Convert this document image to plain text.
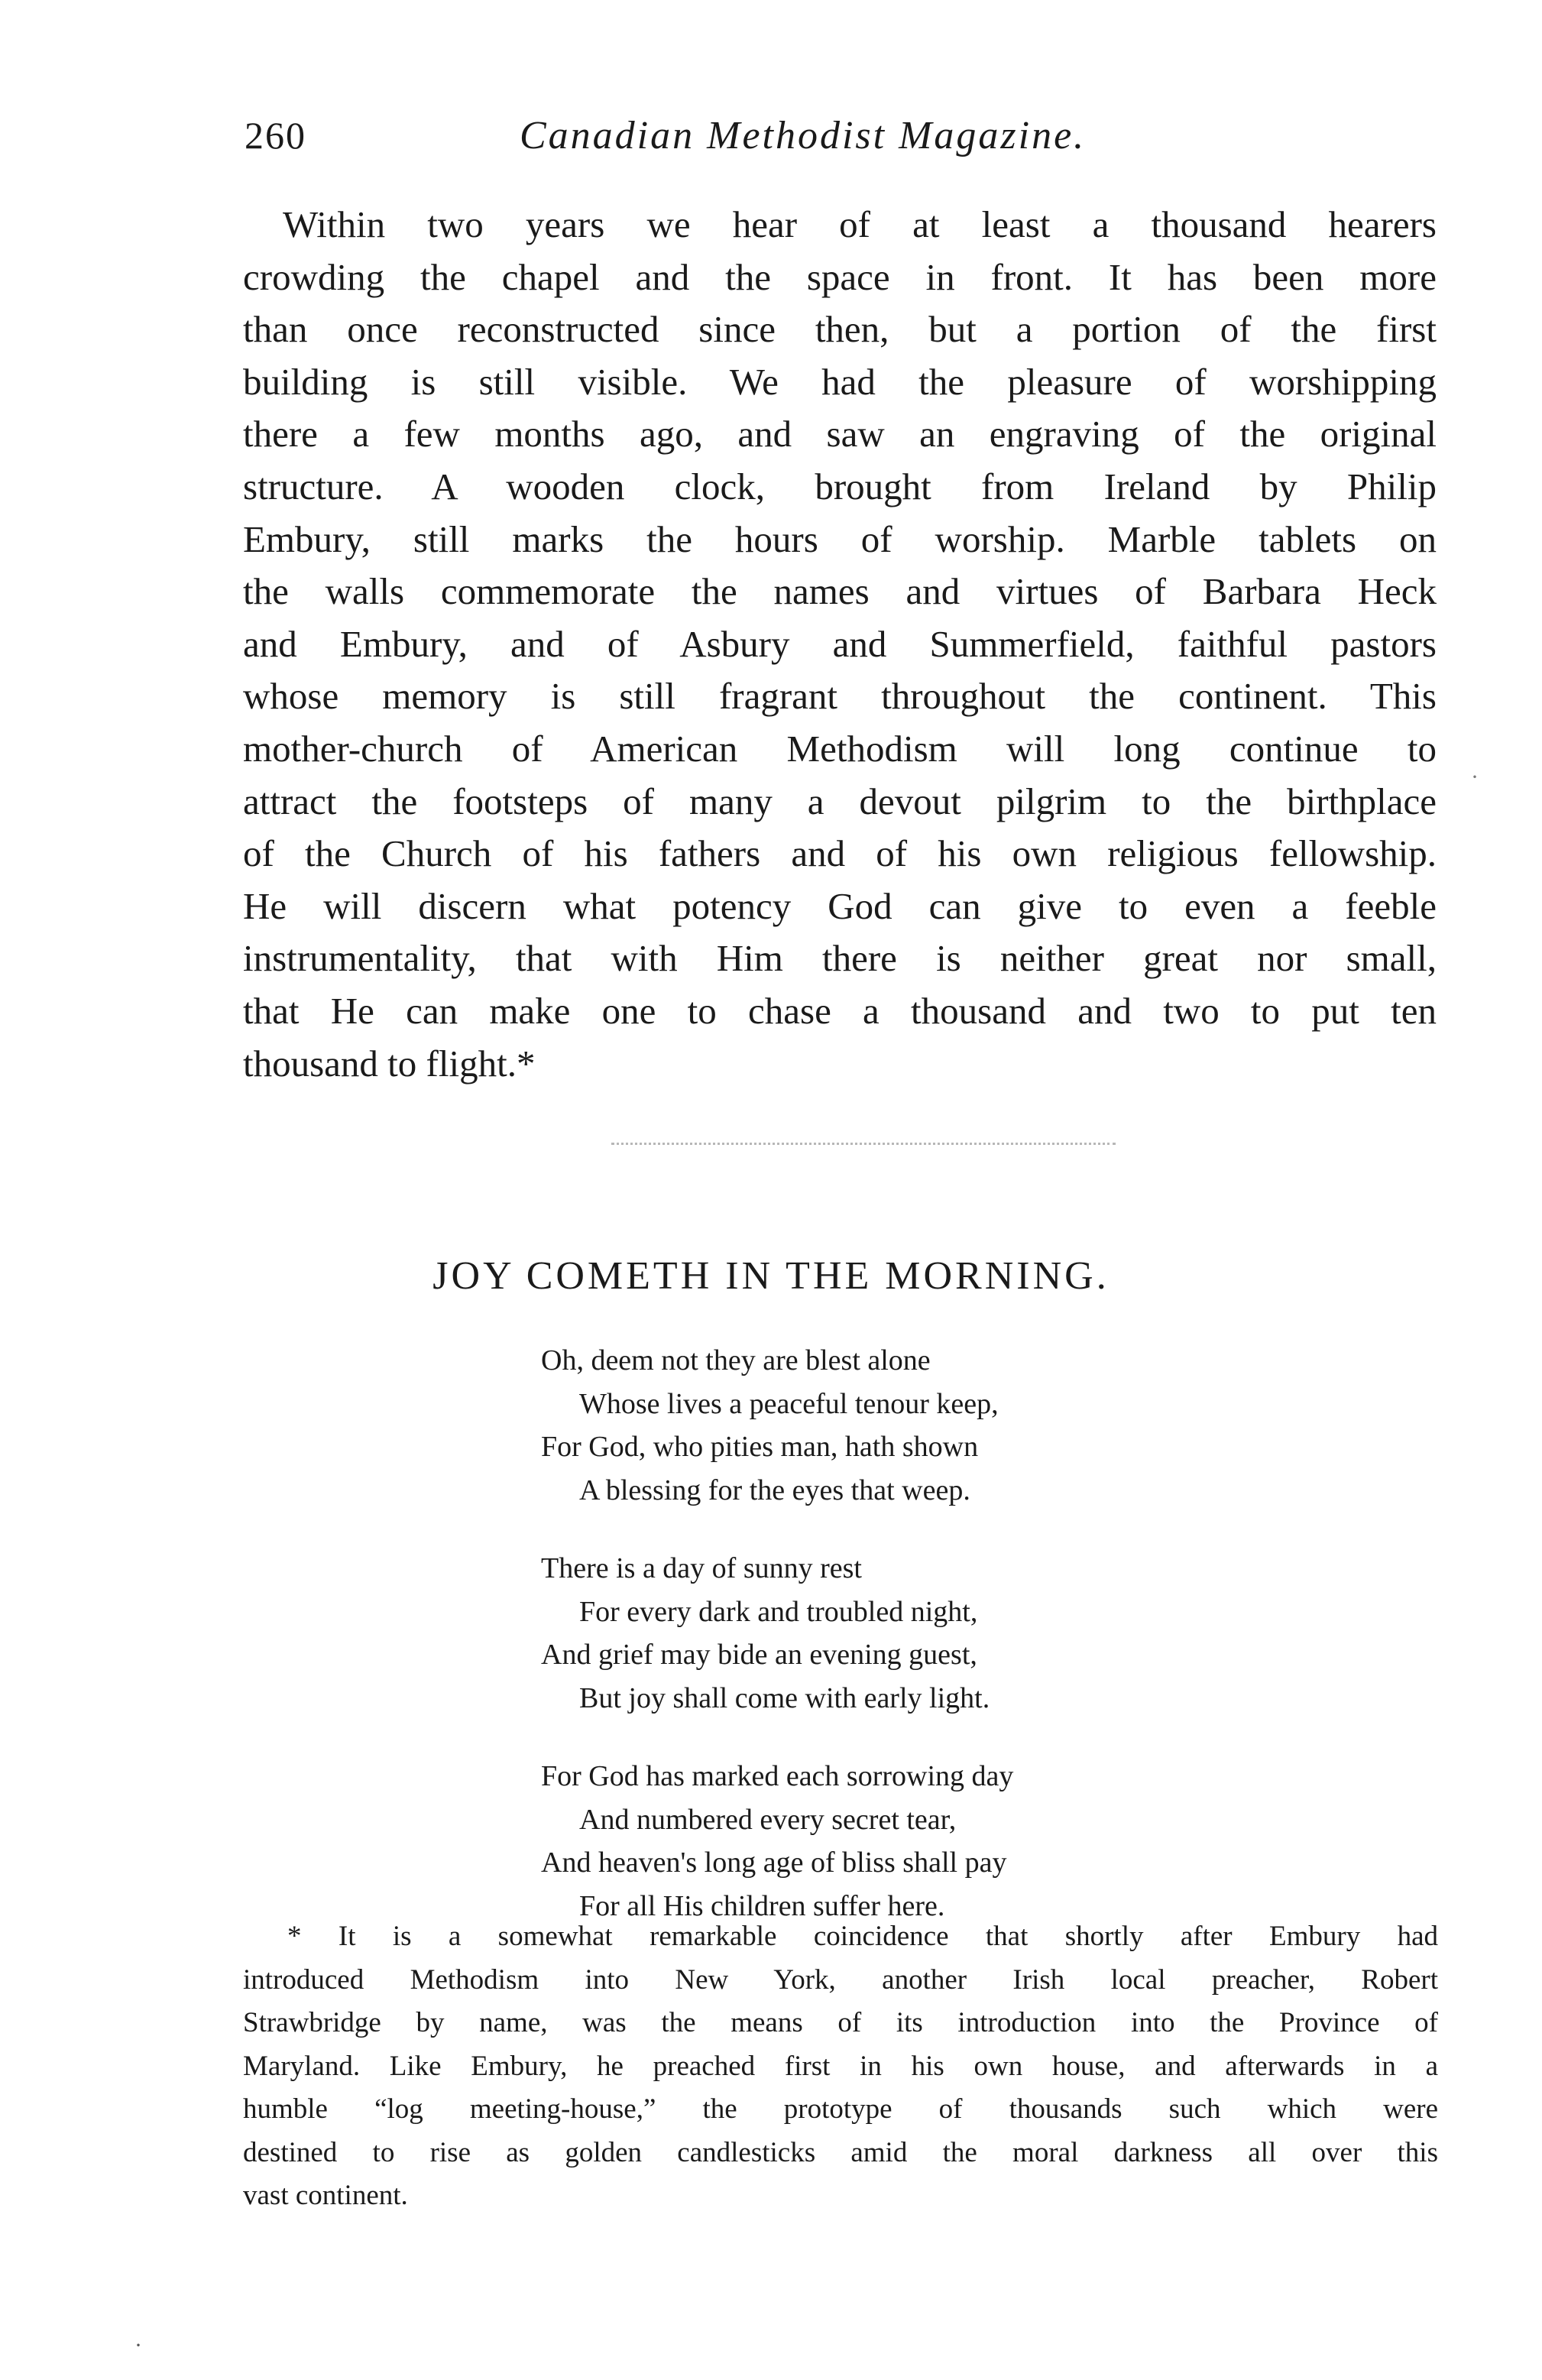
260	Canadian Methodist Magazine.
Within two years we hear of at least a thousand hearers
crowding the chapel and the space in front. It has been more
than once reconstructed since then, but a portion of the first
building is still visible. We had the pleasure of worshipping
there a few months ago, and saw an engraving of the original
structure. A wooden clock, brought from Ireland by Philip
Embury, still marks the hours of worship. Marble tablets on
the walls commemorate the names and virtues of Barbara Heck
and Embury, and of Asbury and Summerfield, faithful pastors
whose memory is still fragrant throughout the continent. This
mother-church of American Methodism will long continue to
attract the footsteps of many a devout pilgrim to the birthplace
of the Church of his fathers and of his own religious fellowship.
He will discern what potency God can give to even a feeble
instrumentality, that with Him there is neither great nor small,
that He can make one to chase a thousand and two to put ten
thousand to flight.*
·
JOY COMETH IN THE MORNING.
Oh, deem not they are blest alone
Whose lives a peaceful tenour keep,
For God, who pities man, hath shown
A blessing for the eyes that weep.
There is a day of sunny rest
For every dark and troubled night,
And grief may bide an evening guest,
But joy shall come with early light.
For God has marked each sorrowing day
And numbered every secret tear,
And heaven's long age of bliss shall pay
For all His children suffer here.
* It is a somewhat remarkable coincidence that shortly after Embury had
introduced Methodism into New York, another Irish local preacher, Robert
Strawbridge by name, was the means of its introduction into the Province of
Maryland. Like Embury, he preached first in his own house, and afterwards in a
humble “log meeting-house,” the prototype of thousands such which were
destined to rise as golden candlesticks amid the moral darkness all over this
vast continent.
·
